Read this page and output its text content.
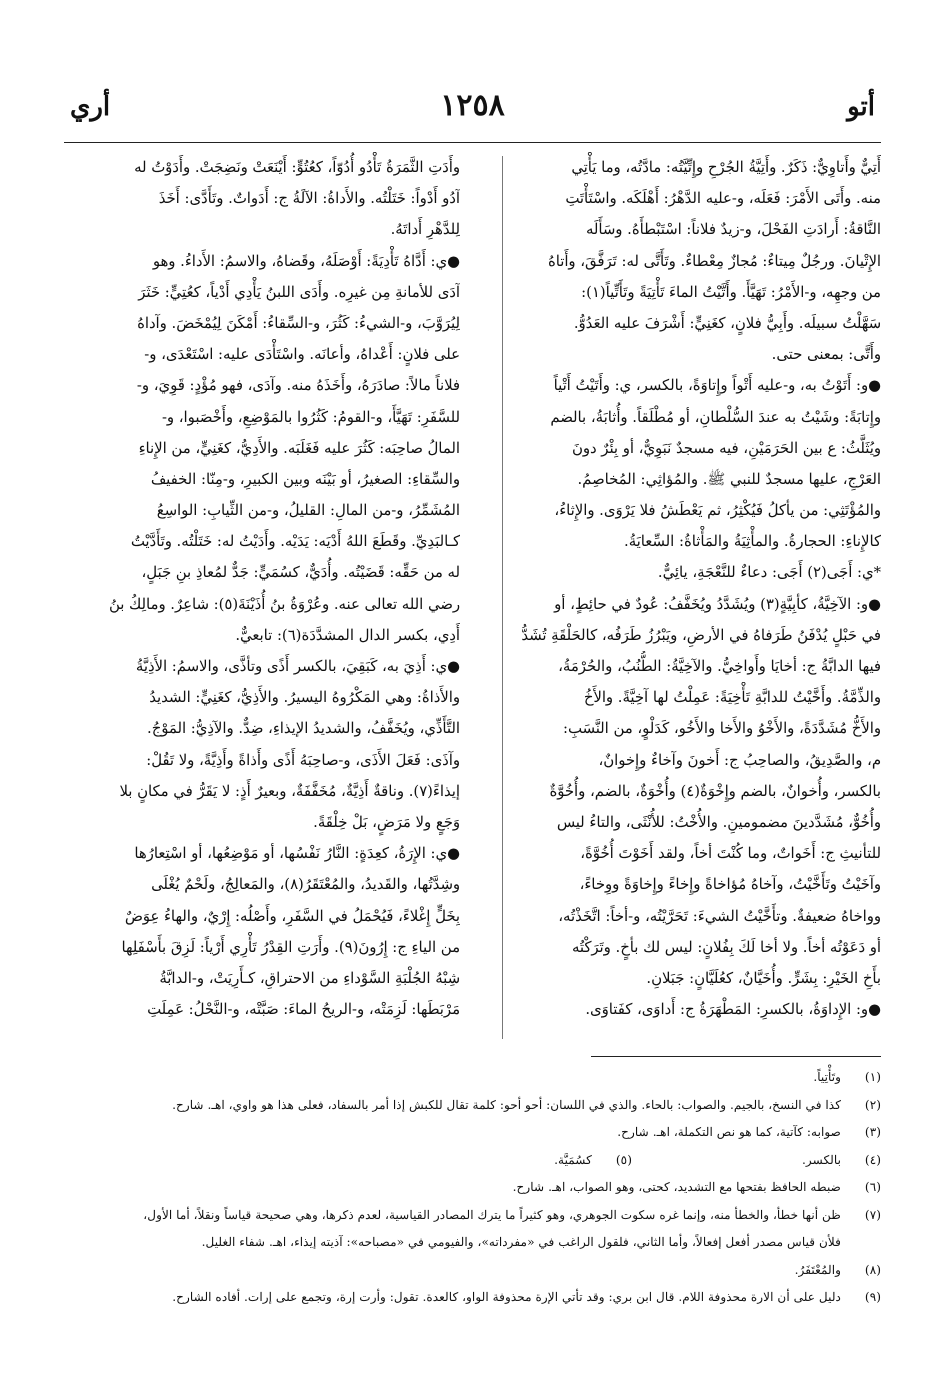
أتو
١٢٥٨
أري
أَتِيٌّ وأَتاوِيٌّ: ذَكَرٌ. وأَتِيَّةُ الجُرْحِ وإِتِّيَّتُه: مادَّتُه، وما يَأْتِي
منه. وأَتَى الأَمْرَ: فَعَلَه، و-عليه الدَّهْرُ: أَهْلَكَه. واسْتَأْتَتِ
النَّاقةُ: أَرادَتِ الفَحْلَ، و-زيدٌ فلاناً: اسْتَبْطأَهُ. وسَأَلَه
الإِتْيانَ. ورجُلٌ مِيتاءٌ: مُجازٌ مِعْطاءٌ. وتَأَتَّى له: تَرَفَّقَ، وأَتاهُ
من وجهِه، و-الأَمْرُ: تَهَيَّأَ. وأَتَّيْتُ الماءَ تَأْتِيَةً وتَأَتِّياً(١):
سَهَّلْتُ سبيلَه. وأَبِيُّ فلانٍ، كغَنِيٍّ: أَشْرَفَ عليه العَدُوُّ.
وأَتَّى: بمعنى حتى.
●و: أَتَوْتُ به، و-عليه أَتْواً وإِتاوَةً، بالكسر، ي: وأَتَيْتُ أَتْياً
وإِتابَةً: وشَيْتُ به عندَ السُّلْطانِ، أو مُطْلَقاً. وأُثابَةُ، بالضم
ويُثَلَّثُ: ع بين الحَرَمَيْنِ، فيه مسجدٌ نَبَوِيٌّ، أو بِئْرٌ دونَ
العَرْجِ، عليها مسجدٌ للنبي ﷺ. والمُؤاثِي: المُخاصِمُ.
والمُؤْتَثِي: من يأكلُ فَيُكْثِرُ، ثم يَعْطَشُ فلا يَرْوَى. والإِثاءُ،
كالإِناءِ: الحجارةُ. والمأْثِيَةُ والمَأْثاةُ: السِّعايَةُ.
*ي: أَجَى(٢) أَجَى: دعاءٌ للنَّعْجَةِ، يائِيٌّ.
●و: الآخِيَّةُ، كأبِيَّةٍ(٣) ويُشَدَّدُ ويُخَفَّفُ: عُودٌ في حائِطٍ، أو
في حَبْلٍ يُدْفَنُ طَرَفاهُ في الأرضِ، ويَبْرُزُ طَرَفُه، كالحَلْقَةِ تُشَدُّ
فيها الدابَّةُ ج: أخايَا وأَواخِيُّ. والآخِيَّةُ: الطُّنُبُ، والحُرْمَةُ،
والذِّمَّةُ. وأَخَّيْتُ للدابَّةِ تَأْخِيَةً: عَمِلْتُ لها آخِيَّةً. والأَخُ
والأَخُّ مُشَدَّدَةً، والأَخْوُ والأَخا والأَخُو، كَدَلْوٍ، من النَّسَبِ:
م، والصَّدِيقُ، والصاحِبُ ج: أَخونَ وآخاءٌ وإِخوانٌ،
بالكسر، وأُخوانٌ، بالضم وإِخْوَةٌ(٤) وأُخْوَةٌ، بالضم، وأُخُوَّةٌ
وأُخُوٌّ، مُشَدَّدينَ مضمومينِ. والأُخْتُ: للأُنْثَى، والتاءُ ليس
للتأنيثِ ج: أَخَواتٌ، وما كُنْتَ أخاً، ولقد أَخَوْتَ أُخُوَّةً،
وآخَيْتُ وتَأَخَّيْتُ، وآخاهُ مُؤاخاةً وإِخاءً وإِخاوَةً ووِخاءً،
وواخاهُ ضعيفةٌ. وتأَخَّيْتُ الشيءَ: تَحَرَّيْتُه، و-أخاً: اتَّخَذْتُه،
أو دَعَوْتُه أخاً. ولا أخا لَكَ بِفُلانٍ: ليس لك بأخٍ. وتَرَكْتُه
بأَخِ الخَيْرِ: بِشَرٍّ. وأُخَيَّانٌ، كعُلَيَّانٍ: جَبَلانِ.
●و: الإِداوَةُ، بالكسرِ: المَطْهَرَةُ ج: أَداوَى، كفَتاوَى.
وأَدَتِ الثَّمَرَةُ تَأْدُو أُدُوّاً، كعُتُوٍّ: أَيْنَعَتْ ونَضِجَتْ. وأَدَوْتُ له
آدُو أَدْواً: خَتَلْتُه. والأَداةُ: الآلَةُ ج: أَدَواتٌ. وتَأَدَّى: أَخَذَ
لِلدَّهْرِ أَداتَهُ.
●ي: أَدَّاهُ تَأْدِيَةً: أَوْصَلَهُ، وقَضاهُ، والاسمُ: الأَداءُ. وهو
آدَى للأمانةِ مِن غيرِه. وأَدَى اللبنُ يَأْدِي أَدْياً، كعُتِيٍّ: خَثَرَ
لِيُرَوَّبَ، و-الشيءُ: كَثُرَ، و-السِّقاءُ: أَمْكَنَ لِيُمْخَضَ. وآداهُ
على فلانٍ: أَعْداهُ، وأعانَه. واسْتَأْدَى عليه: اسْتَعْدَى، و-
فلاناً مالاً: صادَرَهُ، وأَخَذَهُ منه. وآدَى، فهو مُؤْدٍ: قَوِيَ، و-
للسَّفَرِ: تَهَيَّأَ، و-القومُ: كَثُرُوا بالمَوْضِعِ، وأَخْصَبوا، و-
المالُ صاحِبَه: كَثُرَ عليه فَغَلَبَه. والأَدِيُّ، كغَنِيٍّ، من الإِناءِ
والسِّقاءِ: الصغيرُ، أو بَيْنَه وبين الكبيرِ، و-مِنّا: الخفيفُ
المُشَمِّرُ، و-من المالِ: القليلُ، و-من الثِّيابِ: الواسِعُ
كـالبَدِيِّ. وقَطَعَ اللهُ أَدْيَه: يَدَيْه. وأَدَيْتُ له: خَتَلْتُه. وتَأَدَّيْتُ
له من حَقِّه: قَضَيْتُه. وأُدَيٌّ، كسُمَيٍّ: جَدٌّ لمُعاذِ بنِ جَبَلٍ،
رضي الله تعالى عنه. وعُرْوَةُ بنُ أُذَيْنَةَ(٥): شاعِرٌ. ومالِكُ بنُ
أَدِي، بكسر الدال المشدَّدَة(٦): تابعيٌّ.
●ي: أَذِيَ به، كَبَقِيَ، بالكسر أَذًى وتأذَّى، والاسمُ: الأَذِيَّةُ
والأَذاةُ: وهي المَكْرُوهُ اليسيرُ. والأَذِيُّ، كغَنِيٍّ: الشديدُ
التَّأَذِّي، ويُخَفَّفُ، والشديدُ الإيذاءِ، ضِدٌّ. والآذِيُّ: المَوْجُ.
وآذَى: فَعَلَ الأَذَى، و-صاحِبَهُ أَذًى وأَذاةً وأَذِيَّةً، ولا تَقُلْ:
إيذاءً(٧). وناقةٌ أَذِيَّةٌ، مُخَفَّفَةٌ، وبعيرٌ أَذٍ: لا يَقَرُّ في مكانٍ بلا
وَجَعٍ ولا مَرَضٍ، بَلْ خِلْقَةً.
●ي: الإِرَةُ، كعِدَةٍ: النَّارُ نَفْسُها، أو مَوْضِعُها، أو اسْتِعارُها
وشِدَّتُها، والقَديدُ، والمُعْتَقَرُ(٨)، والمَعالِجُ، ولَحْمٌ يُغْلَى
بِخَلٍّ إِغْلاءً، فَيُحْمَلُ في السَّفَرِ، وأَصْلُه: إِرْيٌ، والهاءُ عِوَضٌ
من الياءِ ج: إِرُونَ(٩). وأَرَتِ القِدْرُ تَأْرِي أَرْياً: لَزِقَ بأَسْفَلِها
شِبْهُ الجُلْبَةِ السَّوْداءِ من الاحتراقِ، كـأَرِيَتْ، و-الدابَّةُ
مَرْبَطَها: لَزِمَتْه، و-الريحُ الماءَ: صَبَّتْه، و-النَّحْلُ: عَمِلَتِ
(١)
وتَأْتِياً.
(٢)
كذا في النسخ، بالجيم. والصواب: بالحاء. والذي في اللسان: أحو أحو: كلمة تقال للكبش إذا أمر بالسفاد، فعلى هذا هو واوي، اهـ. شارح.
(٣)
صوابه: كآتية، كما هو نص التكملة، اهـ. شارح.
(٤)
بالكسر.
(٥)
كسُمَيَّة.
(٦)
ضبطه الحافظ بفتحها مع التشديد، كحتى، وهو الصواب، اهـ. شارح.
(٧)
ظن أنها خطأ، والخطأ منه، وإنما غره سكوت الجوهري، وهو كثيراً ما يترك المصادر القياسية، لعدم ذكرها، وهي صحيحة قياساً ونقلاً، أما الأول،
فلأن قياس مصدر أفعل إفعالاً، وأما الثاني، فلقول الراغب في «مفرداته»، والفيومي في «مصباحه»: آذيته إيذاء، اهـ. شفاء الغليل.
(٨)
والمُعْتَفَرُ.
(٩)
دليل على أن الارة محذوفة اللام. قال ابن بري: وقد تأتي الإرة محذوفة الواو، كالعدة. تقول: وأرت إرة، وتجمع على إرات. أفاده الشارح.
